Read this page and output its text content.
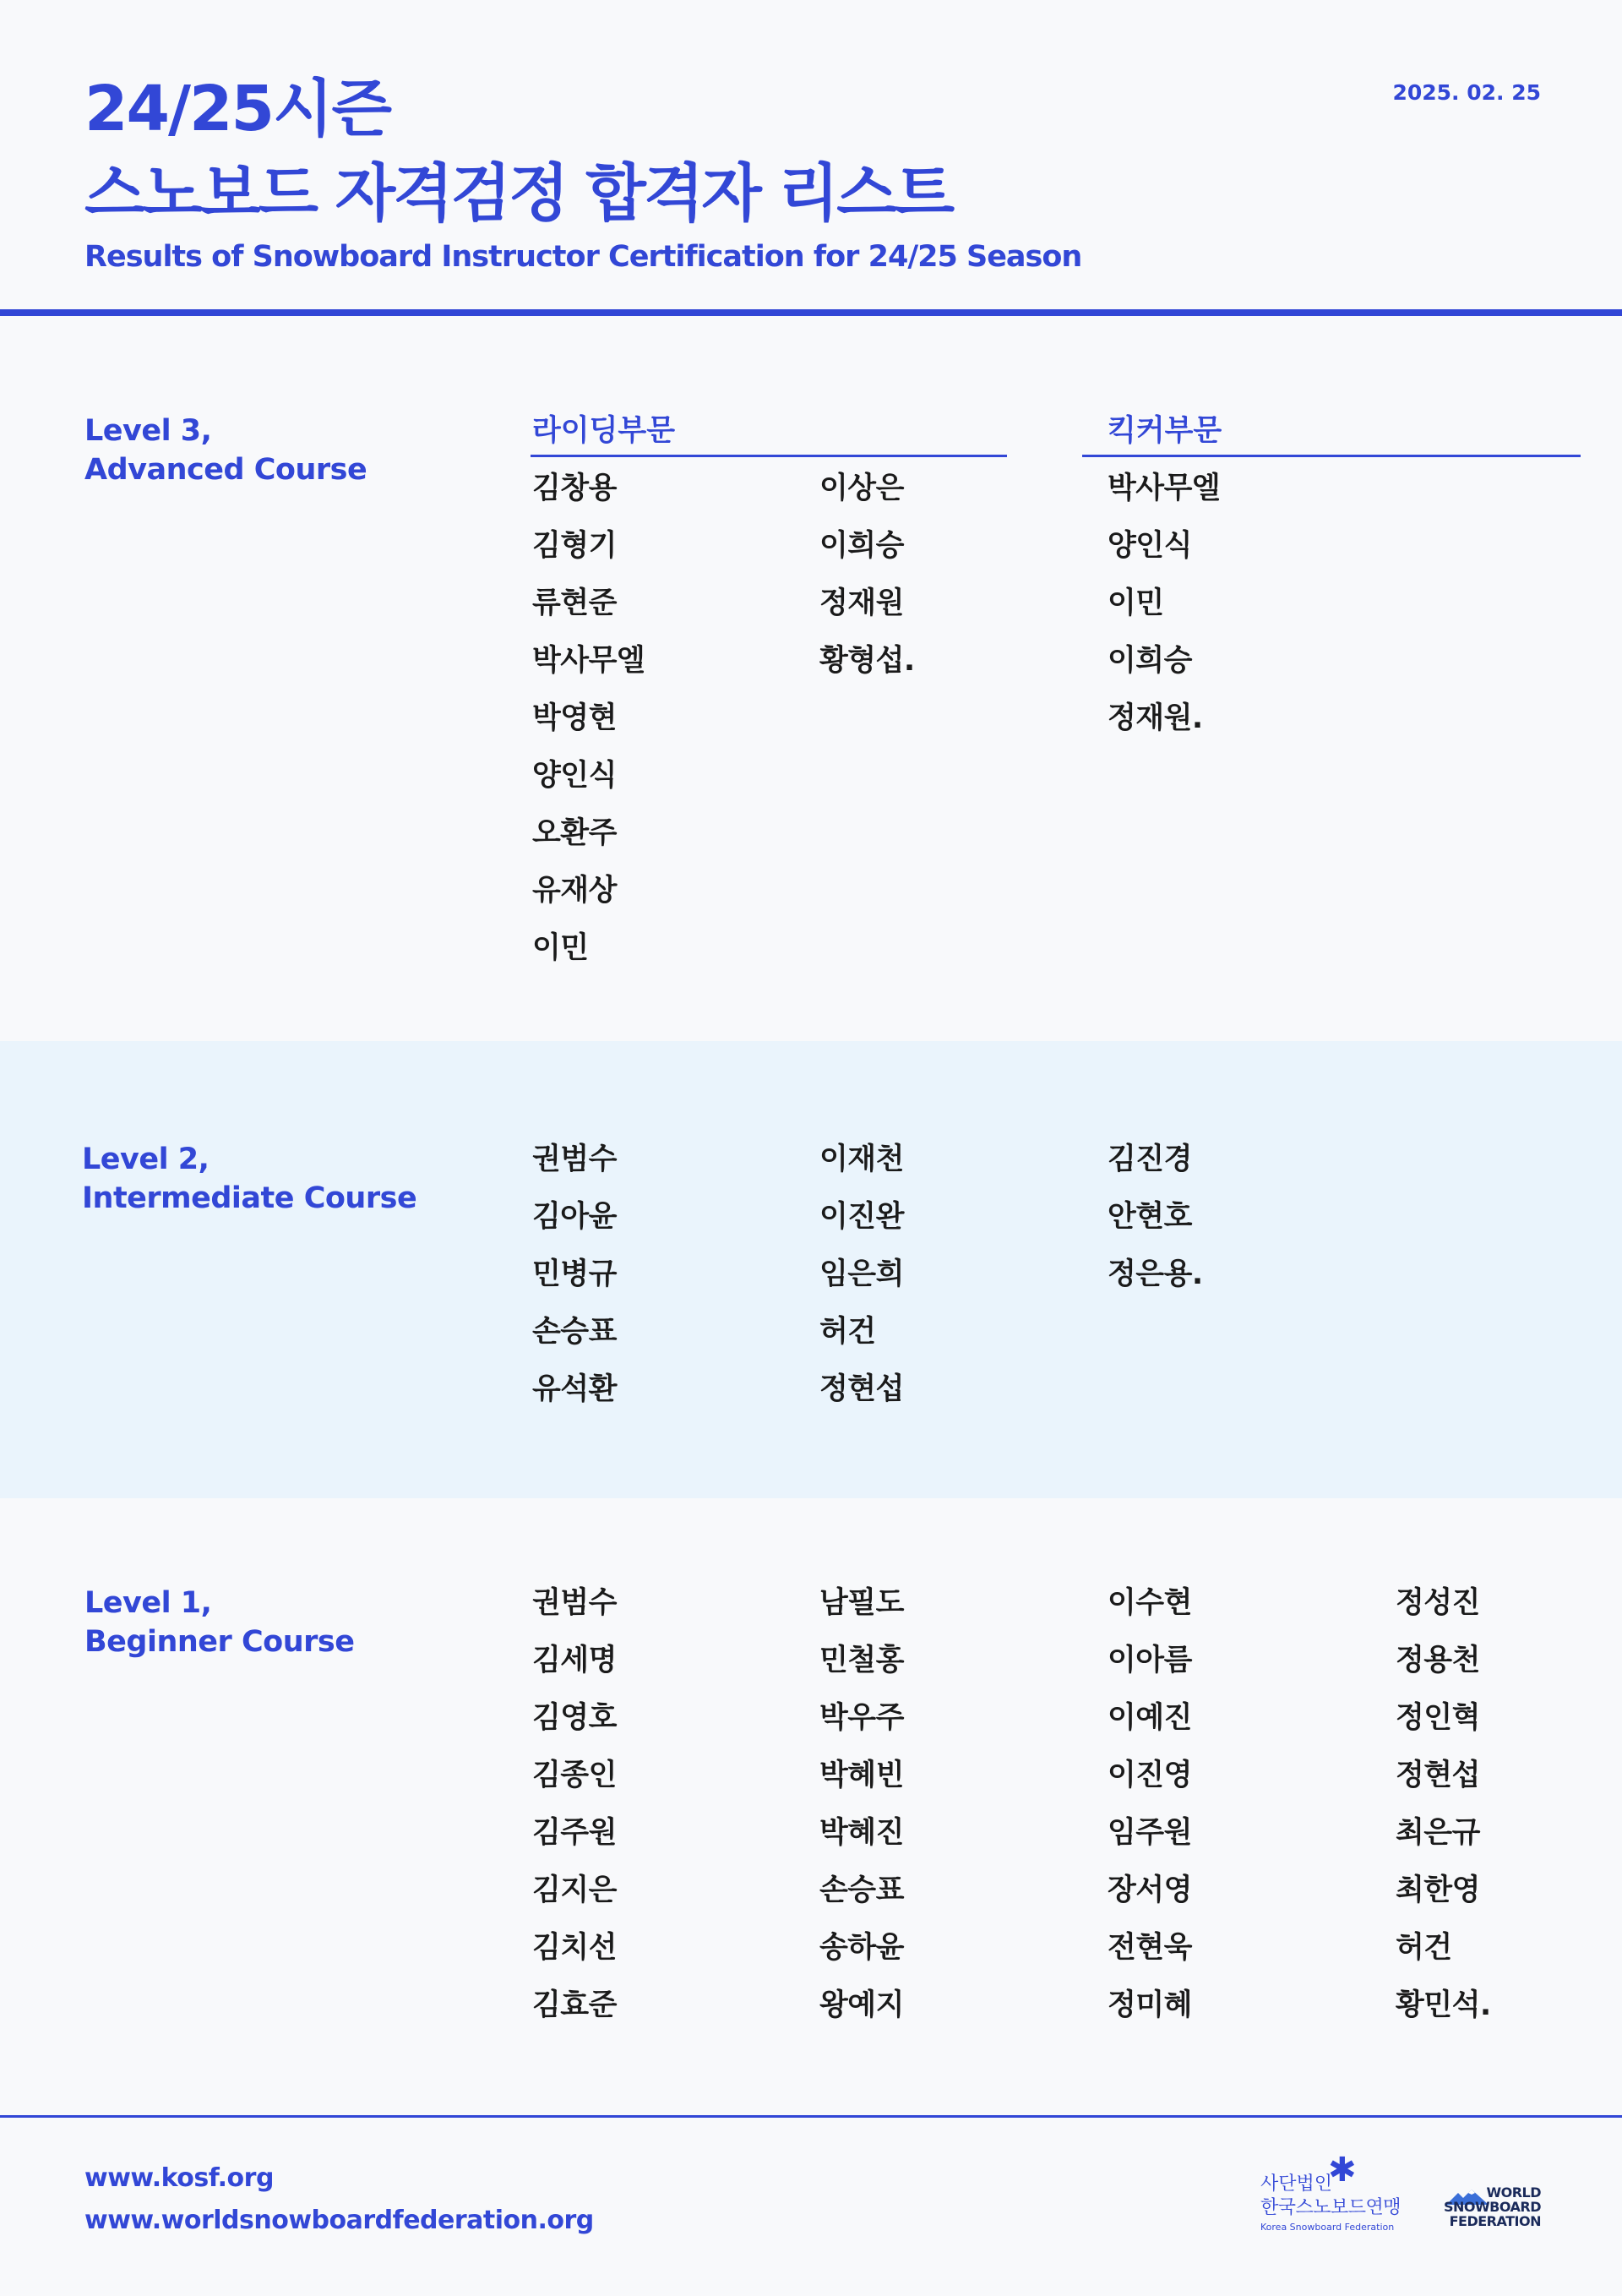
24/25시즌
스노보드 자격검정 합격자 리스트
Results of Snowboard Instructor Certification for 24/25 Season
2025. 02. 25
Level 3,
Advanced Course
라이딩부문	킥커부문
김창용
김형기
류현준
박사무엘
박영현
양인식
오환주
유재상
이민
이상은
이희승
정재원
황형섭.
박사무엘
양인식
이민
이희승
정재원.
Level 2,
Intermediate Course
권범수
김아윤
민병규
손승표
유석환
이재천
이진완
임은희
허건
정현섭
김진경
안현호
정은용.
Level 1,
Beginner Course
권범수
김세명
김영호
김종인
김주원
김지은
김치선
김효준
남필도
민철홍
박우주
박혜빈
박혜진
손승표
송하윤
왕예지
이수현
이아름
이예진
이진영
임주원
장서영
전현욱
정미혜
정성진
정용천
정인혁
정현섭
최은규
최한영
허건
황민석.
www.kosf.org
www.worldsnowboardfederation.org
✱
사단법인
한국스노보드연맹
Korea Snowboard Federation
WORLD
SNOWBOARD
FEDERATION
